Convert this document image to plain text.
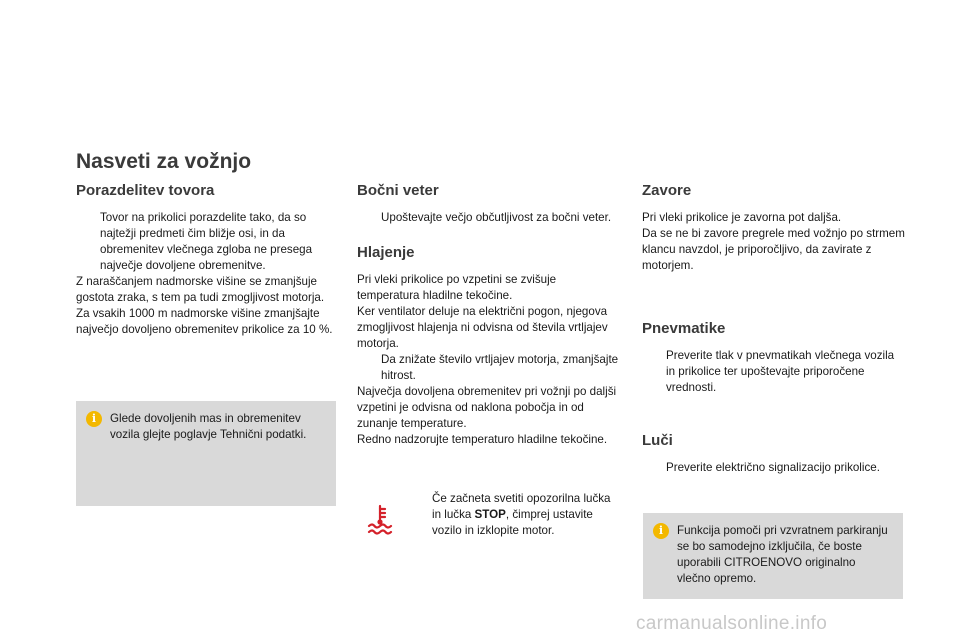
Nasveti za vožnjo
Porazdelitev tovora
Tovor na prikolici porazdelite tako, da so najtežji predmeti čim bližje osi, in da obremenitev vlečnega zgloba ne presega največje dovoljene obremenitve.

Z naraščanjem nadmorske višine se zmanjšuje gostota zraka, s tem pa tudi zmogljivost motorja. Za vsakih 1000 m nadmorske višine zmanjšajte največjo dovoljeno obremenitev prikolice za 10 %.

i	Glede dovoljenih mas in obremenitev vozila glejte poglavje Tehnični podatki.
Bočni veter
Upoštevajte večjo občutljivost za bočni veter.
Hlajenje

Pri vleki prikolice po vzpetini se zvišuje temperatura hladilne tekočine.

Ker ventilator deluje na električni pogon, njegova zmogljivost hlajenja ni odvisna od števila vrtljajev motorja.

Da znižate število vrtljajev motorja, zmanjšajte hitrost.

Največja dovoljena obremenitev pri vožnji po daljši vzpetini je odvisna od naklona pobočja in od zunanje temperature.

Redno nadzorujte temperaturo hladilne tekočine.

Če začneta svetiti opozorilna lučka in lučka STOP, čimprej ustavite vozilo in izklopite motor.
Zavore

Pri vleki prikolice je zavorna pot daljša.

Da se ne bi zavore pregrele med vožnjo po strmem klancu navzdol, je priporočljivo, da zavirate z motorjem.

Pnevmatike
Preverite tlak v pnevmatikah vlečnega vozila in prikolice ter upoštevajte priporočene vrednosti.
Luči
Preverite električno signalizacijo prikolice.
i	Funkcija pomoči pri vzvratnem parkiranju se bo samodejno izključila, če boste uporabili CITROENOVO originalno vlečno opremo.
carmanualsonline.info
